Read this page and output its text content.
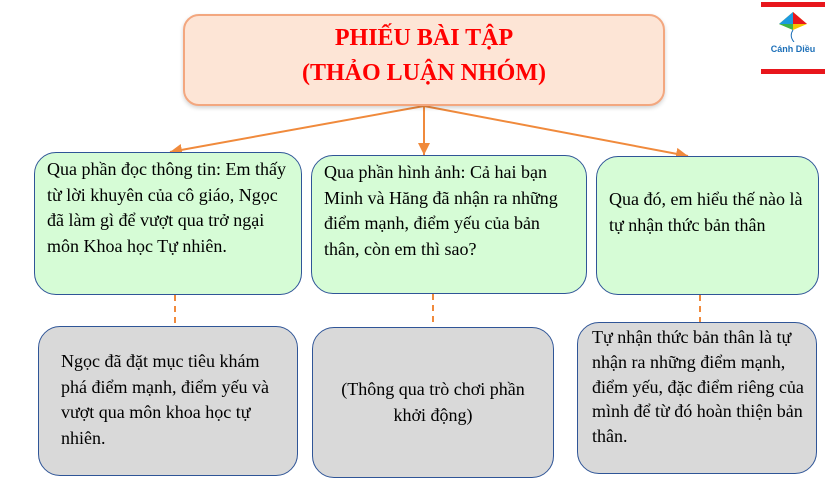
PHIẾU BÀI TẬP
(THẢO LUẬN NHÓM)
Cánh Diều
Qua phần đọc thông tin: Em thấy từ lời khuyên của cô giáo, Ngọc đã làm gì để vượt qua trở ngại môn Khoa học Tự nhiên.
Qua phần hình ảnh: Cả hai bạn Minh và Hăng đã nhận ra những điểm mạnh, điểm yếu của bản thân, còn em thì sao?
Qua đó, em hiểu thế nào là tự nhận thức bản thân
Ngọc đã đặt mục tiêu khám phá điểm mạnh, điểm yếu và vượt qua môn khoa học tự nhiên.
(Thông qua trò chơi phần khởi động)
Tự nhận thức bản thân là tự nhận ra những điểm mạnh, điểm yếu, đặc điểm riêng của mình để từ đó hoàn thiện bản thân.
